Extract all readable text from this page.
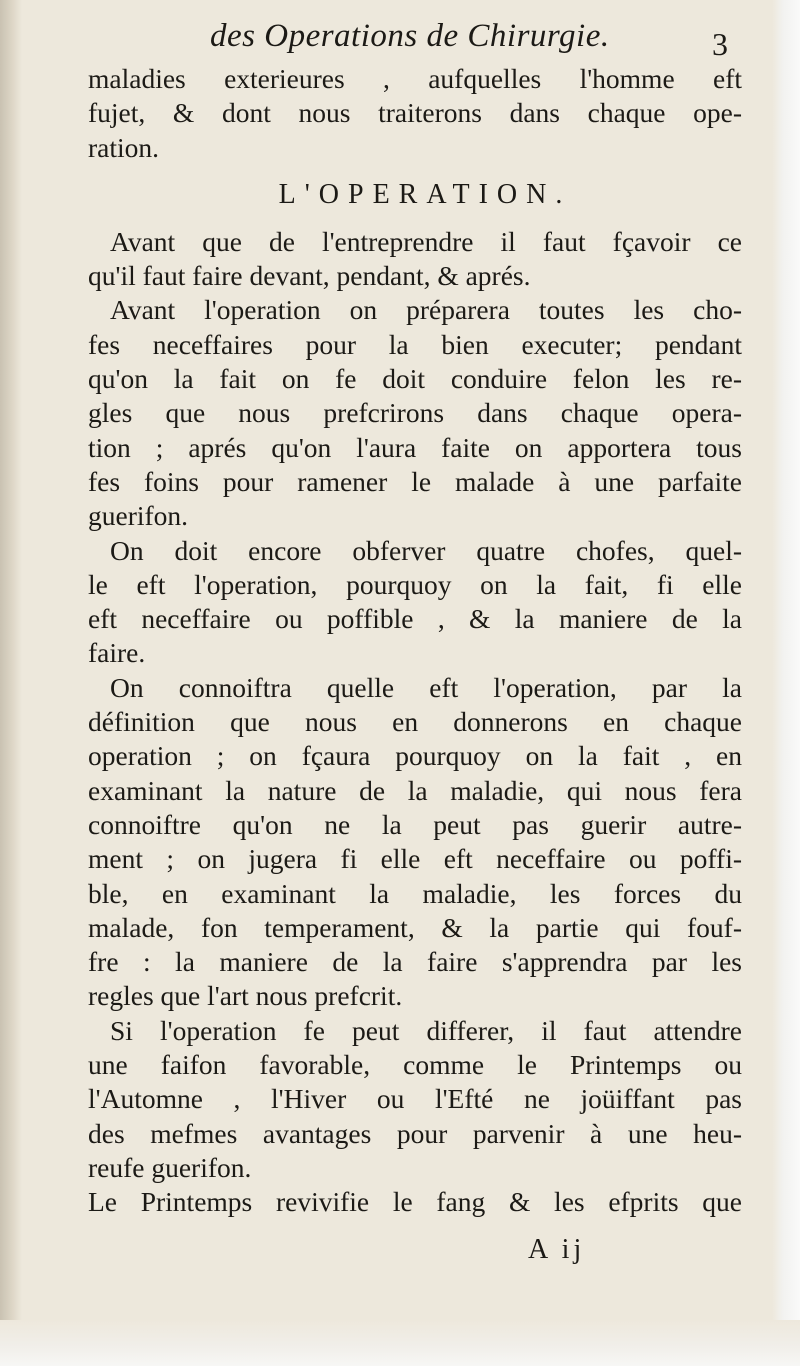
des Operations de Chirurgie.	3
maladies exterieures , aufquelles l'homme eft
fujet, & dont nous traiterons dans chaque ope-
ration.
L'OPERATION.
Avant que de l'entreprendre il faut fçavoir ce
qu'il faut faire devant, pendant, & aprés.
Avant l'operation on préparera toutes les cho-
fes neceffaires pour la bien executer; pendant
qu'on la fait on fe doit conduire felon les re-
gles que nous prefcrirons dans chaque opera-
tion ; aprés qu'on l'aura faite on apportera tous
fes foins pour ramener le malade à une parfaite
guerifon.
On doit encore obferver quatre chofes, quel-
le eft l'operation, pourquoy on la fait, fi elle
eft neceffaire ou poffible , & la maniere de la
faire.
On connoiftra quelle eft l'operation, par la
définition que nous en donnerons en chaque
operation ; on fçaura pourquoy on la fait , en
examinant la nature de la maladie, qui nous fera
connoiftre qu'on ne la peut pas guerir autre-
ment ; on jugera fi elle eft neceffaire ou poffi-
ble, en examinant la maladie, les forces du
malade, fon temperament, & la partie qui fouf-
fre : la maniere de la faire s'apprendra par les
regles que l'art nous prefcrit.
Si l'operation fe peut differer, il faut attendre
une faifon favorable, comme le Printemps ou
l'Automne , l'Hiver ou l'Efté ne joüiffant pas
des mefmes avantages pour parvenir à une heu-
reufe guerifon.
Le Printemps revivifie le fang & les efprits que
A ij
